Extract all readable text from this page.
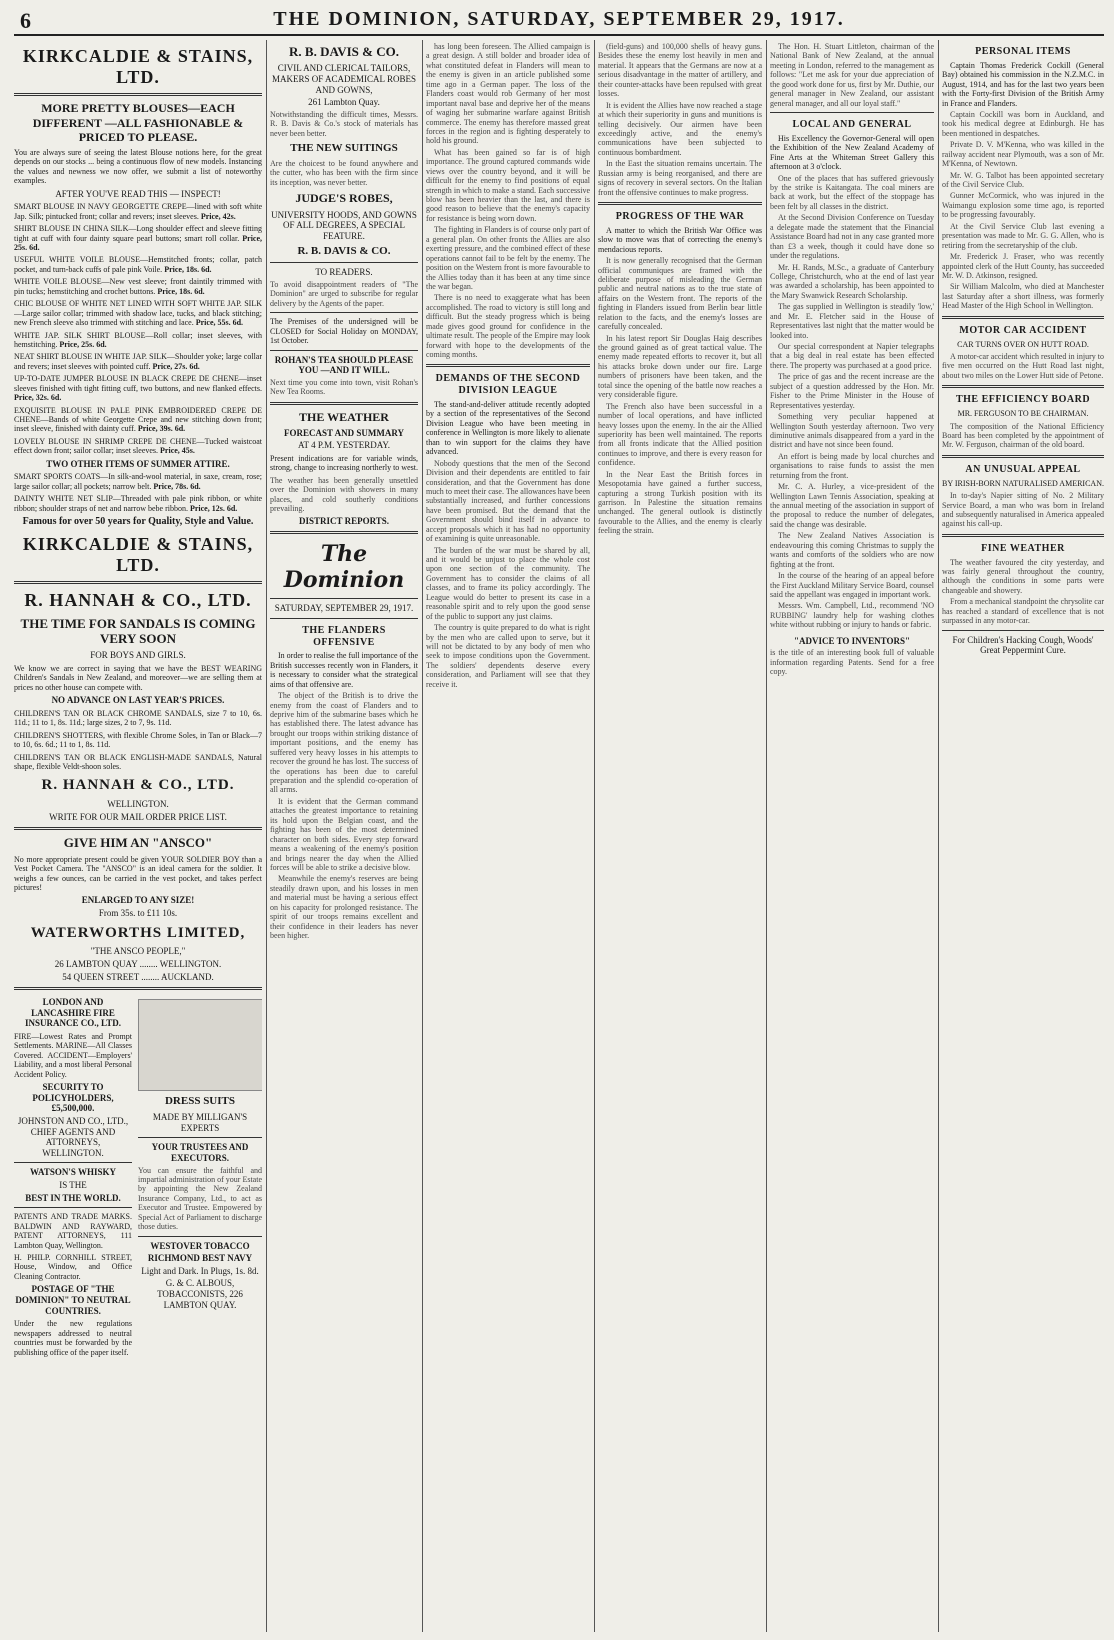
6	THE DOMINION, SATURDAY, SEPTEMBER 29, 1917.
KIRKCALDIE & STAINS, LTD.
MORE PRETTY BLOUSES—EACH DIFFERENT —ALL FASHIONABLE & PRICED TO PLEASE.
You are always sure of seeing the latest Blouse notions here, for the great depends on our stocks ... being a continuous flow of new models. Instancing the values and newness we now offer, we submit a list of noteworthy examples.
AFTER YOU'VE READ THIS — INSPECT!
SMART BLOUSE IN NAVY GEORGETTE CREPE—lined with soft white Jap. Silk; pintucked front; collar and revers; inset sleeves. Price, 42s.
SHIRT BLOUSE IN CHINA SILK—Long shoulder effect and sleeve fitting tight at cuff with four dainty square pearl buttons; smart roll collar. Price, 25s. 6d.
USEFUL WHITE VOILE BLOUSE—Hemstitched fronts; collar, patch pocket, and turn-back cuffs of pale pink Voile. Price, 18s. 6d.
WHITE VOILE BLOUSE—New vest sleeve; front daintily trimmed with pin tucks; hemstitching and crochet buttons. Price, 18s. 6d.
CHIC BLOUSE OF WHITE NET LINED WITH SOFT WHITE JAP. SILK—Large sailor collar; trimmed with shadow lace, tucks, and black stitching; new French sleeve also trimmed with stitching and lace. Price, 55s. 6d.
WHITE JAP. SILK SHIRT BLOUSE—Roll collar; inset sleeves, with hemstitching. Price, 25s. 6d.
NEAT SHIRT BLOUSE IN WHITE JAP. SILK—Shoulder yoke; large collar and revers; inset sleeves with pointed cuff. Price, 27s. 6d.
UP-TO-DATE JUMPER BLOUSE IN BLACK CREPE DE CHENE—inset sleeves finished with tight fitting cuff, two buttons, and new flanked effects. Price, 32s. 6d.
EXQUISITE BLOUSE IN PALE PINK EMBROIDERED CREPE DE CHENE—Bands of white Georgette Crepe and new stitching down front; inset sleeve, finished with dainty cuff. Price, 39s. 6d.
LOVELY BLOUSE IN SHRIMP CREPE DE CHENE—Tucked waistcoat effect down front; sailor collar; inset sleeves. Price, 45s.
TWO OTHER ITEMS OF SUMMER ATTIRE.
SMART SPORTS COATS—In silk-and-wool material, in saxe, cream, rose; large sailor collar; all pockets; narrow belt. Price, 78s. 6d.
DAINTY WHITE NET SLIP—Threaded with pale pink ribbon, or white ribbon; shoulder straps of net and narrow bebe ribbon. Price, 12s. 6d.
Famous for over 50 years for Quality, Style and Value.
KIRKCALDIE & STAINS, LTD.
R. HANNAH & CO., LTD.
THE TIME FOR SANDALS IS COMING VERY SOON
FOR BOYS AND GIRLS.
We know we are correct in saying that we have the BEST WEARING Children's Sandals in New Zealand, and moreover—we are selling them at prices no other house can compete with.
NO ADVANCE ON LAST YEAR'S PRICES.
CHILDREN'S TAN OR BLACK CHROME SANDALS, size 7 to 10, 6s. 11d.; 11 to 1, 8s. 11d.; large sizes, 2 to 7, 9s. 11d.
CHILDREN'S SHOTTERS, with flexible Chrome Soles, in Tan or Black—7 to 10, 6s. 6d.; 11 to 1, 8s. 11d.
CHILDREN'S TAN OR BLACK ENGLISH-MADE SANDALS, Natural shape, flexible Veldt-shoon soles.
R. HANNAH & CO., LTD.
WELLINGTON.
WRITE FOR OUR MAIL ORDER PRICE LIST.
GIVE HIM AN "ANSCO"
No more appropriate present could be given YOUR SOLDIER BOY than a Vest Pocket Camera. The "ANSCO" is an ideal camera for the soldier. It weighs a few ounces, can be carried in the vest pocket, and takes perfect pictures!
ENLARGED TO ANY SIZE!
From 35s. to £11 10s.
WATERWORTHS LIMITED,
"THE ANSCO PEOPLE,"
26 LAMBTON QUAY ........ WELLINGTON.
54 QUEEN STREET ........ AUCKLAND.
LONDON AND LANCASHIRE FIRE INSURANCE CO., LTD.
FIRE—Lowest Rates and Prompt Settlements. MARINE—All Classes Covered. ACCIDENT—Employers' Liability, and a most liberal Personal Accident Policy.
SECURITY TO POLICYHOLDERS, £5,500,000.
JOHNSTON AND CO., LTD., CHIEF AGENTS AND ATTORNEYS, WELLINGTON.
WATSON'S WHISKY
IS THE
BEST IN THE WORLD.
PATENTS AND TRADE MARKS. BALDWIN AND RAYWARD, PATENT ATTORNEYS, 111 Lambton Quay, Wellington.
H. PHILP. CORNHILL STREET, House, Window, and Office Cleaning Contractor.
POSTAGE OF "THE DOMINION" TO NEUTRAL COUNTRIES.
Under the new regulations newspapers addressed to neutral countries must be forwarded by the publishing office of the paper itself.
DRESS SUITS
MADE BY MILLIGAN'S EXPERTS
YOUR TRUSTEES AND EXECUTORS.
You can ensure the faithful and impartial administration of your Estate by appointing the New Zealand Insurance Company, Ltd., to act as Executor and Trustee. Empowered by Special Act of Parliament to discharge those duties.
WESTOVER TOBACCO
RICHMOND BEST NAVY
Light and Dark. In Plugs, 1s. 8d.
G. & C. ALBOUS, TOBACCONISTS, 226 LAMBTON QUAY.
R. B. DAVIS & CO.
CIVIL AND CLERICAL TAILORS, MAKERS OF ACADEMICAL ROBES AND GOWNS,
261 Lambton Quay.
Notwithstanding the difficult times, Messrs. R. B. Davis & Co.'s stock of materials has never been better.
THE NEW SUITINGS
Are the choicest to be found anywhere and the cutter, who has been with the firm since its inception, was never better.
JUDGE'S ROBES,
UNIVERSITY HOODS, AND GOWNS OF ALL DEGREES, A SPECIAL FEATURE.
R. B. DAVIS & CO.
TO READERS.
To avoid disappointment readers of "The Dominion" are urged to subscribe for regular delivery by the Agents of the paper.
The Premises of the undersigned will be CLOSED for Social Holiday on MONDAY, 1st October.
ROHAN'S TEA SHOULD PLEASE YOU —AND IT WILL.
Next time you come into town, visit Rohan's New Tea Rooms.
THE WEATHER
FORECAST AND SUMMARY
AT 4 P.M. YESTERDAY.
Present indications are for variable winds, strong, change to increasing northerly to west.
The weather has been generally unsettled over the Dominion with showers in many places, and cold southerly conditions prevailing.
DISTRICT REPORTS.
The Dominion
SATURDAY, SEPTEMBER 29, 1917.
THE FLANDERS OFFENSIVE
In order to realise the full importance of the British successes recently won in Flanders, it is necessary to consider what the strategical aims of that offensive are.
The object of the British is to drive the enemy from the coast of Flanders and to deprive him of the submarine bases which he has established there. The latest advance has brought our troops within striking distance of important positions, and the enemy has suffered very heavy losses in his attempts to recover the ground he has lost. The success of the operations has been due to careful preparation and the splendid co-operation of all arms.
It is evident that the German command attaches the greatest importance to retaining its hold upon the Belgian coast, and the fighting has been of the most determined character on both sides. Every step forward means a weakening of the enemy's position and brings nearer the day when the Allied forces will be able to strike a decisive blow.
Meanwhile the enemy's reserves are being steadily drawn upon, and his losses in men and material must be having a serious effect on his capacity for prolonged resistance. The spirit of our troops remains excellent and their confidence in their leaders has never been higher.
has long been foreseen. The Allied campaign is a great design. A still bolder and broader idea of what constituted defeat in Flanders will mean to the enemy is given in an article published some time ago in a German paper. The loss of the Flanders coast would rob Germany of her most important naval base and deprive her of the means of waging her submarine warfare against British commerce. The enemy has therefore massed great forces in the region and is fighting desperately to hold his ground.
What has been gained so far is of high importance. The ground captured commands wide views over the country beyond, and it will be difficult for the enemy to find positions of equal strength in which to make a stand. Each successive blow has been heavier than the last, and there is good reason to believe that the enemy's capacity for resistance is being worn down.
The fighting in Flanders is of course only part of a general plan. On other fronts the Allies are also exerting pressure, and the combined effect of these operations cannot fail to be felt by the enemy. The position on the Western front is more favourable to the Allies today than it has been at any time since the war began.
There is no need to exaggerate what has been accomplished. The road to victory is still long and difficult. But the steady progress which is being made gives good ground for confidence in the ultimate result. The people of the Empire may look forward with hope to the developments of the coming months.
DEMANDS OF THE SECOND DIVISION LEAGUE
The stand-and-deliver attitude recently adopted by a section of the representatives of the Second Division League who have been meeting in conference in Wellington is more likely to alienate than to win support for the claims they have advanced.
Nobody questions that the men of the Second Division and their dependents are entitled to fair consideration, and that the Government has done much to meet their case. The allowances have been substantially increased, and further concessions have been promised. But the demand that the Government should bind itself in advance to accept proposals which it has had no opportunity of examining is quite unreasonable.
The burden of the war must be shared by all, and it would be unjust to place the whole cost upon one section of the community. The Government has to consider the claims of all classes, and to frame its policy accordingly. The League would do better to present its case in a reasonable spirit and to rely upon the good sense of the public to support any just claims.
The country is quite prepared to do what is right by the men who are called upon to serve, but it will not be dictated to by any body of men who seek to impose conditions upon the Government. The soldiers' dependents deserve every consideration, and Parliament will see that they receive it.
(field-guns) and 100,000 shells of heavy guns. Besides these the enemy lost heavily in men and material. It appears that the Germans are now at a serious disadvantage in the matter of artillery, and their counter-attacks have been repulsed with great losses.
It is evident the Allies have now reached a stage at which their superiority in guns and munitions is telling decisively. Our airmen have been exceedingly active, and the enemy's communications have been subjected to continuous bombardment.
In the East the situation remains uncertain. The Russian army is being reorganised, and there are signs of recovery in several sectors. On the Italian front the offensive continues to make progress.
PROGRESS OF THE WAR
A matter to which the British War Office was slow to move was that of correcting the enemy's mendacious reports.
It is now generally recognised that the German official communiques are framed with the deliberate purpose of misleading the German public and neutral nations as to the true state of affairs on the Western front. The reports of the fighting in Flanders issued from Berlin bear little relation to the facts, and the enemy's losses are carefully concealed.
In his latest report Sir Douglas Haig describes the ground gained as of great tactical value. The enemy made repeated efforts to recover it, but all his attacks broke down under our fire. Large numbers of prisoners have been taken, and the total since the opening of the battle now reaches a very considerable figure.
The French also have been successful in a number of local operations, and have inflicted heavy losses upon the enemy. In the air the Allied superiority has been well maintained. The reports from all fronts indicate that the Allied position continues to improve, and there is every reason for confidence.
In the Near East the British forces in Mesopotamia have gained a further success, capturing a strong Turkish position with its garrison. In Palestine the situation remains unchanged. The general outlook is distinctly favourable to the Allies, and the enemy is clearly feeling the strain.
The Hon. H. Stuart Littleton, chairman of the National Bank of New Zealand, at the annual meeting in London, referred to the management as follows: "Let me ask for your due appreciation of the good work done for us, first by Mr. Duthie, our general manager in New Zealand, our assistant general manager, and all our loyal staff."
LOCAL AND GENERAL
His Excellency the Governor-General will open the Exhibition of the New Zealand Academy of Fine Arts at the Whiteman Street Gallery this afternoon at 3 o'clock.
One of the places that has suffered grievously by the strike is Kaitangata. The coal miners are back at work, but the effect of the stoppage has been felt by all classes in the district.
At the Second Division Conference on Tuesday a delegate made the statement that the Financial Assistance Board had not in any case granted more than £3 a week, though it could have done so under the regulations.
Mr. H. Rands, M.Sc., a graduate of Canterbury College, Christchurch, who at the end of last year was awarded a scholarship, has been appointed to the Mary Swanwick Research Scholarship.
The gas supplied in Wellington is steadily 'low,' and Mr. E. Fletcher said in the House of Representatives last night that the matter would be looked into.
Our special correspondent at Napier telegraphs that a big deal in real estate has been effected there. The property was purchased at a good price.
The price of gas and the recent increase are the subject of a question addressed by the Hon. Mr. Fisher to the Prime Minister in the House of Representatives yesterday.
Something very peculiar happened at Wellington South yesterday afternoon. Two very diminutive animals disappeared from a yard in the district and have not since been found.
An effort is being made by local churches and organisations to raise funds to assist the men returning from the front.
Mr. C. A. Hurley, a vice-president of the Wellington Lawn Tennis Association, speaking at the annual meeting of the association in support of the proposal to reduce the number of delegates, said the change was desirable.
The New Zealand Natives Association is endeavouring this coming Christmas to supply the wants and comforts of the soldiers who are now fighting at the front.
In the course of the hearing of an appeal before the First Auckland Military Service Board, counsel said the appellant was engaged in important work.
Messrs. Wm. Campbell, Ltd., recommend 'NO RUBBING' laundry help for washing clothes white without rubbing or injury to hands or fabric.
"ADVICE TO INVENTORS"
is the title of an interesting book full of valuable information regarding Patents. Send for a free copy.
PERSONAL ITEMS
Captain Thomas Frederick Cockill (General Bay) obtained his commission in the N.Z.M.C. in August, 1914, and has for the last two years been with the Forty-first Division of the British Army in France and Flanders.
Captain Cockill was born in Auckland, and took his medical degree at Edinburgh. He has been mentioned in despatches.
Private D. V. M'Kenna, who was killed in the railway accident near Plymouth, was a son of Mr. M'Kenna, of Newtown.
Mr. W. G. Talbot has been appointed secretary of the Civil Service Club.
Gunner McCormick, who was injured in the Waimangu explosion some time ago, is reported to be progressing favourably.
At the Civil Service Club last evening a presentation was made to Mr. G. G. Allen, who is retiring from the secretaryship of the club.
Mr. Frederick J. Fraser, who was recently appointed clerk of the Hutt County, has succeeded Mr. W. D. Atkinson, resigned.
Sir William Malcolm, who died at Manchester last Saturday after a short illness, was formerly Head Master of the High School in Wellington.
MOTOR CAR ACCIDENT
CAR TURNS OVER ON HUTT ROAD.
A motor-car accident which resulted in injury to five men occurred on the Hutt Road last night, about two miles on the Lower Hutt side of Petone.
THE EFFICIENCY BOARD
MR. FERGUSON TO BE CHAIRMAN.
The composition of the National Efficiency Board has been completed by the appointment of Mr. W. Ferguson, chairman of the old board.
AN UNUSUAL APPEAL
BY IRISH-BORN NATURALISED AMERICAN.
In to-day's Napier sitting of No. 2 Military Service Board, a man who was born in Ireland and subsequently naturalised in America appealed against his call-up.
FINE WEATHER
The weather favoured the city yesterday, and was fairly general throughout the country, although the conditions in some parts were changeable and showery.
From a mechanical standpoint the chrysolite car has reached a standard of excellence that is not surpassed in any motor-car.
For Children's Hacking Cough, Woods' Great Peppermint Cure.
